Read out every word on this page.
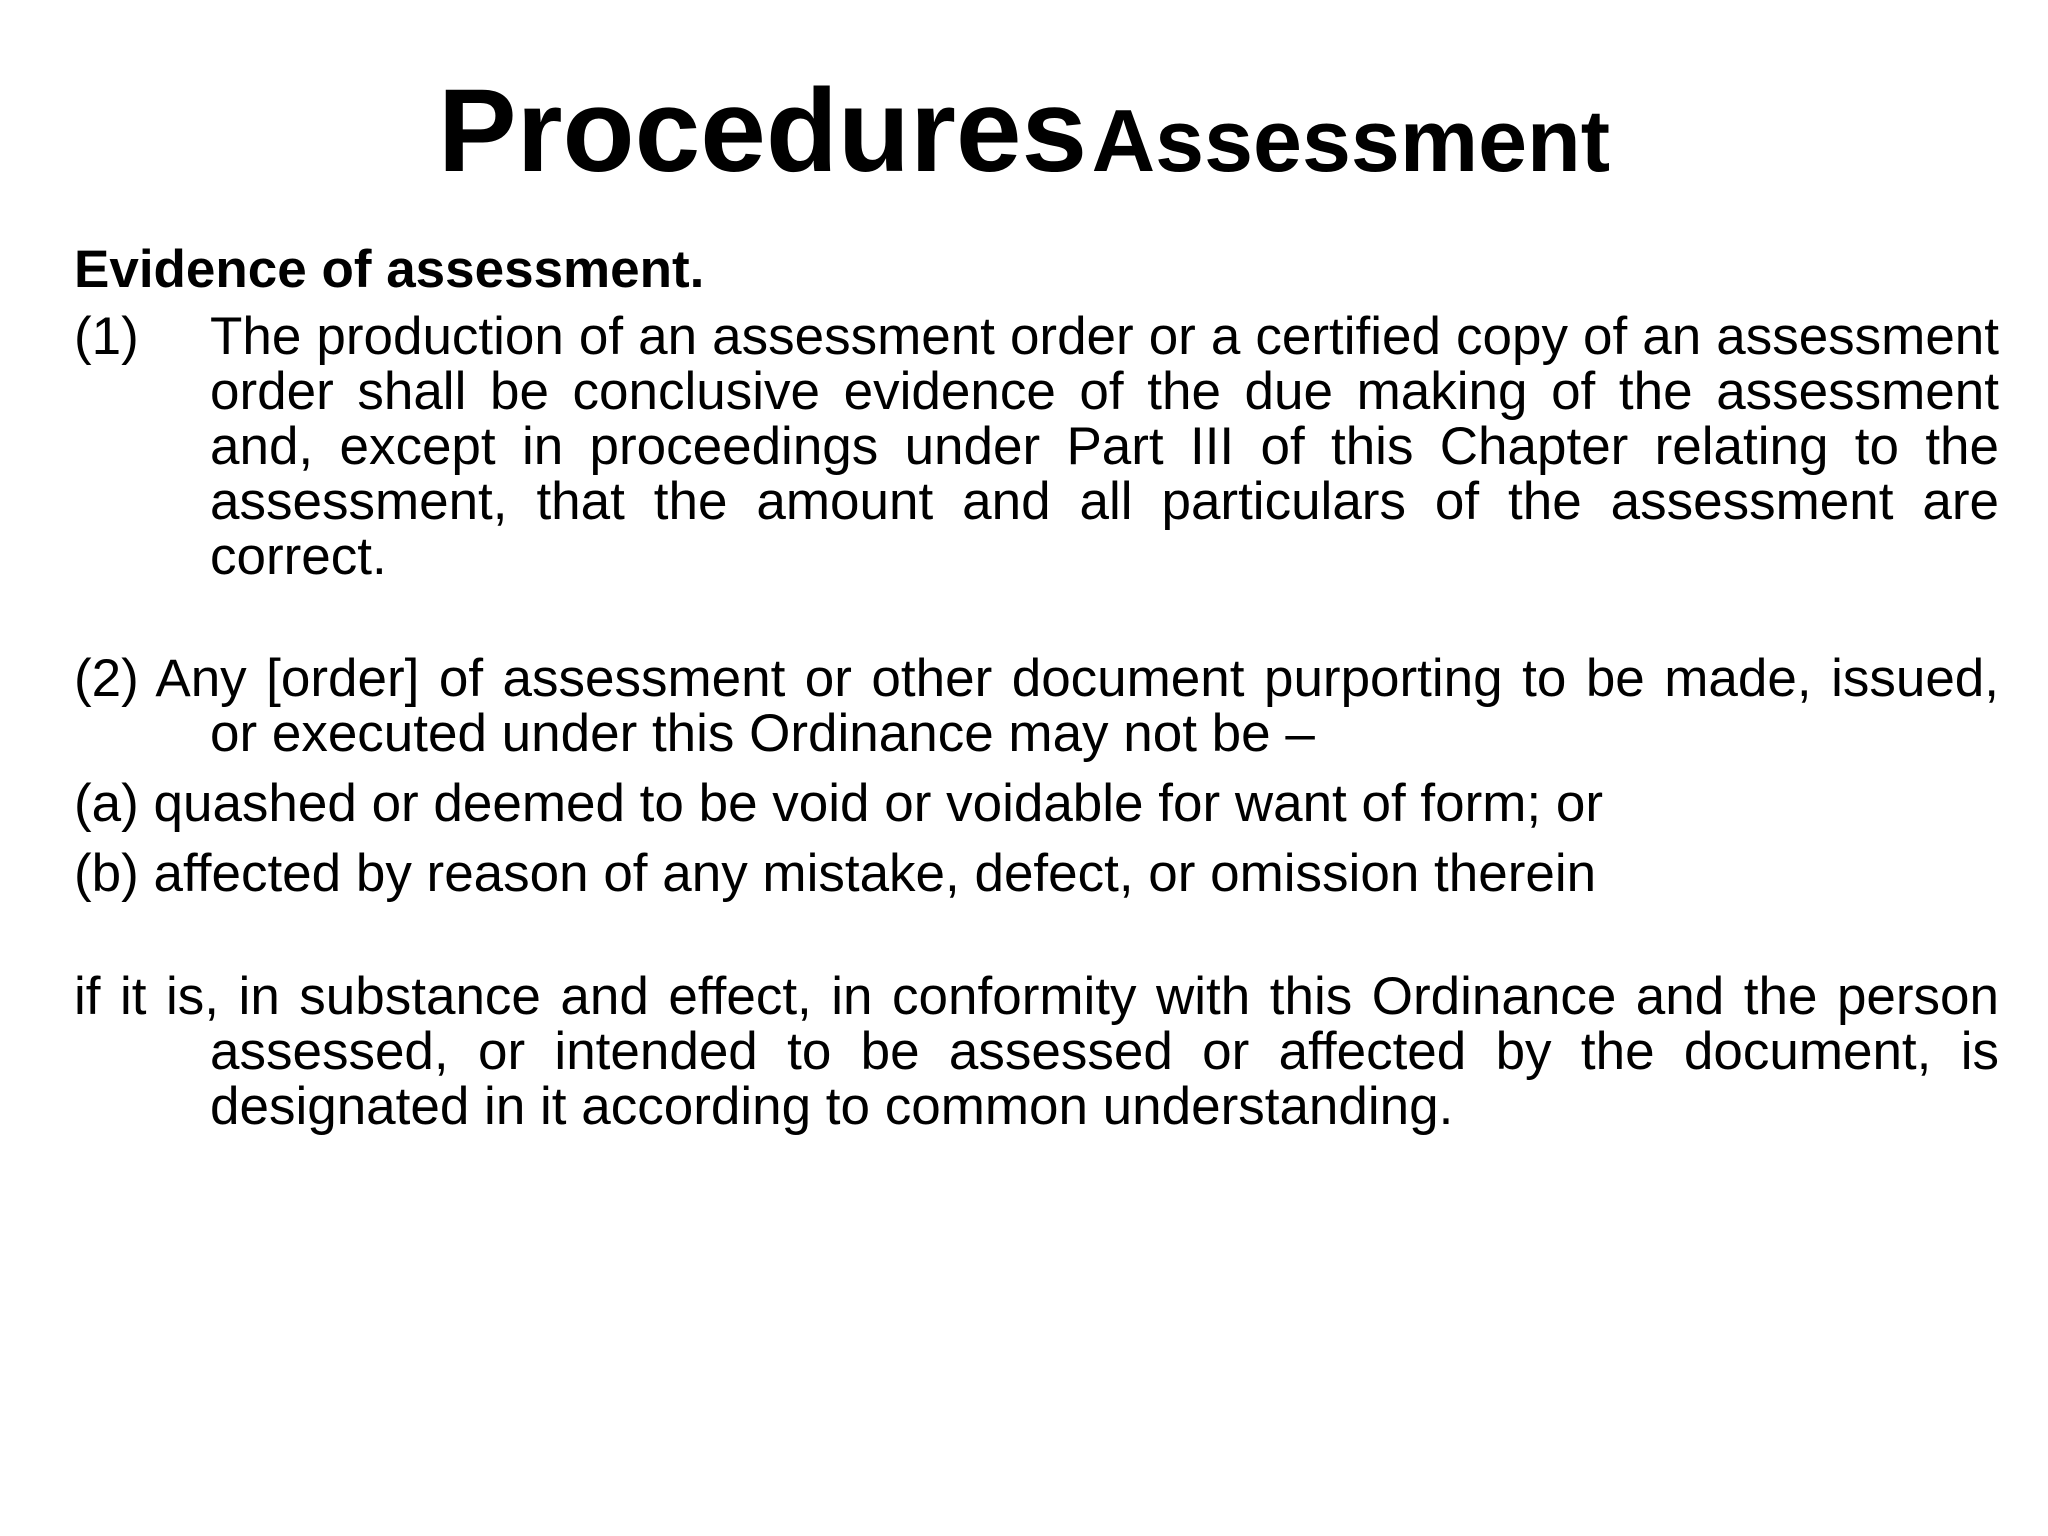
Procedures Assessment

Evidence of assessment.

(1) The production of an assessment order or a certified copy of an assessment order shall be conclusive evidence of the due making of the assessment and, except in proceedings under Part III of this Chapter relating to the assessment, that the amount and all particulars of the assessment are correct.

(2) Any [order] of assessment or other document purporting to be made, issued, or executed under this Ordinance may not be –

(a) quashed or deemed to be void or voidable for want of form; or

(b) affected by reason of any mistake, defect, or omission therein

if it is, in substance and effect, in conformity with this Ordinance and the person assessed, or intended to be assessed or affected by the document, is designated in it according to common understanding.
